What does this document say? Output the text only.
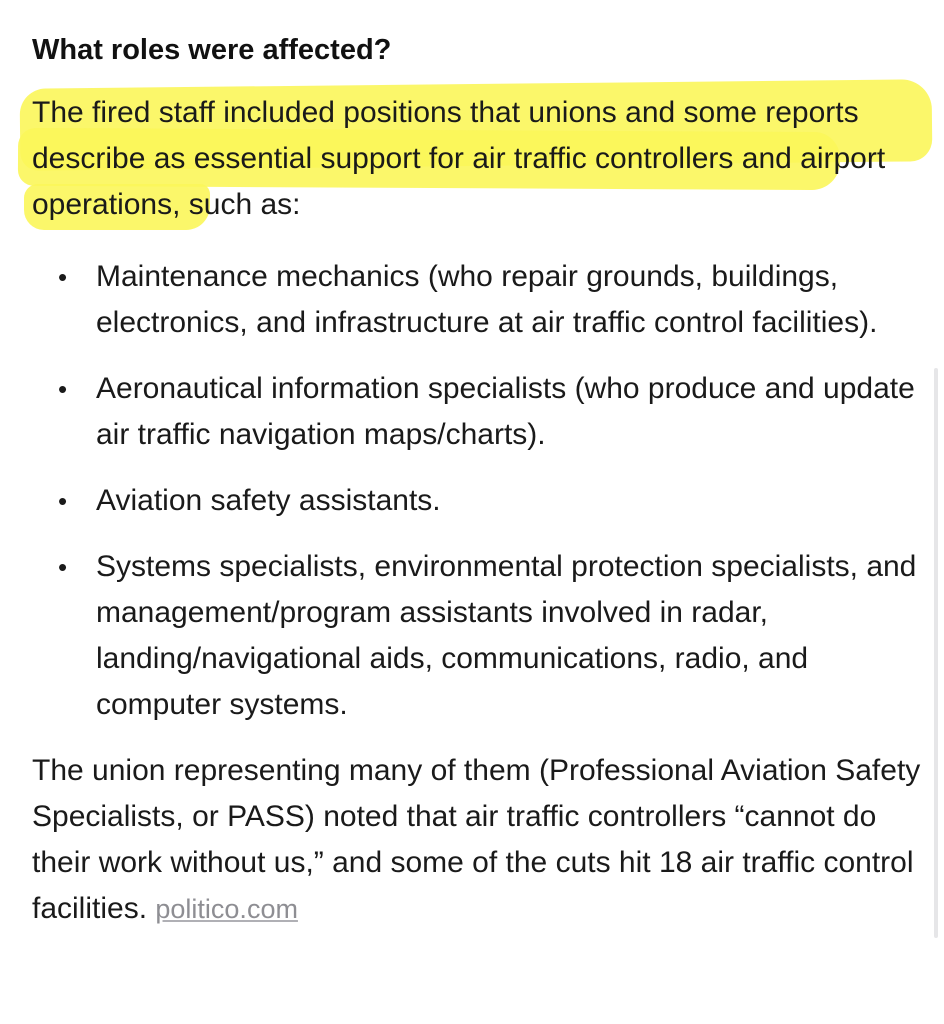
What roles were affected?

The fired staff included positions that unions and some reports describe as essential support for air traffic controllers and airport operations, such as:

• Maintenance mechanics (who repair grounds, buildings, electronics, and infrastructure at air traffic control facilities).
• Aeronautical information specialists (who produce and update air traffic navigation maps/charts).
• Aviation safety assistants.
• Systems specialists, environmental protection specialists, and management/program assistants involved in radar, landing/navigational aids, communications, radio, and computer systems.

The union representing many of them (Professional Aviation Safety Specialists, or PASS) noted that air traffic controllers “cannot do their work without us,” and some of the cuts hit 18 air traffic control facilities. politico.com
